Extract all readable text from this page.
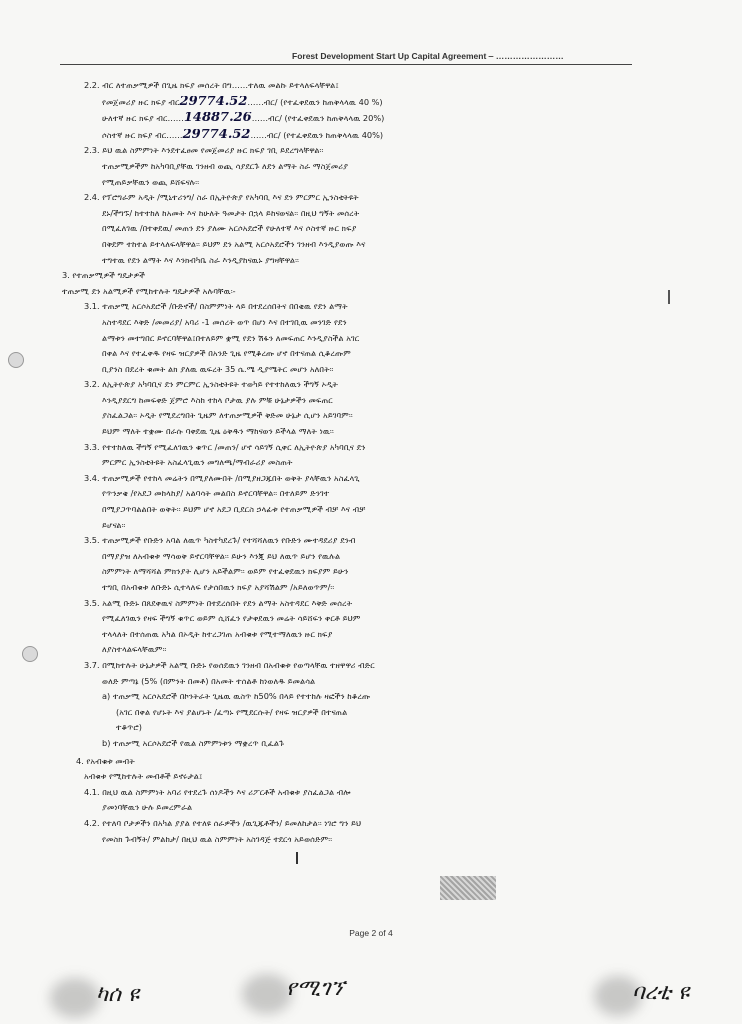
Forest Development Start Up Capital Agreement ‒ ……………………

2.2. ብር ለተጠቃሚዎች በጊዜ ክፍያ መሰረት በግ……ተለዉ መልኩ ይተላለፍላቸዋል፤

የመጀመሪያ ዙር ክፍያ ብር29774.52……ብር/ (የተፈቀደዉን ከጠቅላላዉ 40 %)

ሁለተኛ ዙር ክፍያ ብር……14887.26……ብር/ (የተፈቀደዉን ከጠቅላላዉ 20%)

ሶስተኛ ዙር ክፍያ ብር……29774.52……ብር/ (የተፈቀደዉን ከጠቅላላዉ 40%)

2.3. ይህ ዉል ስምምነት እንደተፈፀመ የመጀመሪያ ዙር ክፍያ ገቢ ይደረግላቸዋል፡፡

ተጠቃሚዎችም ከአካባቢያቸዉ ገንዘብ ወጪ ሳያደርጉ ለደን ልማት ስራ ማስጀመሪያ

የሚጠይቃቸዉን ወጪ ይሸፍናሉ፡፡

2.4. የፕሮግራም አዲት /ሚኒተሪንግ/ ስራ በኢትዮጵያ የአካባቢ እና ደን ምርምር ኢንስቲትዩት

ደኑ/ችግኙ/ ከተተከለ ከአመት እና ከሁለት ዓመታት በኋላ ይከናወናል፡፡ በዚህ ግኝት መሰረት

በሚፈለገዉ /በተቀደዉ/ መጠን ደን ያለሙ አርሶአደሮች የሁለተኛ እና ሶስተኛ ዙር ክፍያ

በቅደም ተከተል ይተላለፍላቸዋል፡፡ ይህም ደን አልሚ አርሶአደሮችን ገንዘብ እንዲያወጡ እና

ተግተዉ የደን ልማት እና እንክብካቤ ስራ እንዲያከናዉኑ ያግዛቸዋል፡፡

3. የተጠቃሚዎች ግዴታዎች

ተጠቃሚ ደን አልሚዎች የሚከተሉት ግዴታዎች አሉባቸዉ፡-

3.1. ተጠቃሚ አርሶአደሮች /ቡድኖች/ በስምምነት ላይ በተደረሰበትና በበቂዉ የደን ልማት

አስተዳደር እቅድ /መመሪያ/ አባሪ -1 መሰረት ወጥ በሆነ እና በተገቢዉ መንገድ የደን

ልማቱን መተግበር ይኖርባቸዋል፤በተለይም ቋሚ የደን ሽፋን ለመፍጠር እንዲያስችል አገር

በቀል እና የተፈቀዱ የዛፍ ዝርያዎች በአንድ ጊዜ የሚቆረጡ ሆኖ በተናጠል ሲቆረጡም

ቢያንስ በደረት ቁመት ልክ ያለዉ ዉፍረት 35 ሴ.ሜ ዲያሜትር መሆን አለበት፡፡

3.2. ለኢትዮጵያ አካባቢና ደን ምርምር ኢንስቲትዩት ተወካይ የተተከለዉን ችግኝ ኦዲት

እንዲያደርግ ከመፍቀድ ጀምሮ እስከ ተከላ ቦታዉ ያሉ ምቹ ሁኔታዎችን መፍጠር

ያስፈልጋል፡፡ ኦዲት የሚደረግበት ጊዜም ለተጠቃሚዎች ቅድመ ሁኔታ ሲሆን አይገባም፡፡

ይህም ማለት ተቋሙ በራሱ ባቀደዉ ጊዜ ዕቅዱን ማከናወን ይችላል ማለት ነዉ፡፡

3.3. የተተከለዉ ችግኝ የሚፈለገዉን ቁጥር /መጠን/ ሆኖ ሳይገኝ ሲቀር ለኢትዮጵያ አካባቢና ደን

ምርምር ኢንስቲትዩት አስፈላጊዉን መግለጫ/ማብራሪያ መስጠት

3.4. ተጠቃሚዎች የተከላ መሬትን በሚያለሙበት /በሚያዘጋጁበት ወቅት ያላቸዉን አስፈላጊ

የጥንቃቄ /የአደጋ መከላከያ/ አልባሳት መልበስ ይኖርባቸዋል፡፡ በተለይም ድንገተ

በሚያጋጥባልልበት ወቅት፡፡ ይህም ሆኖ አደጋ ቢደርስ ኃላፊቱ የተጠቃሚዎች ብቻ እና ብቻ

ይሆናል፡፡

3.5. ተጠቃሚዎች የቡድን አባል ለዉጥ ካስተካደረጉ/ የተሻሻለዉን የቡድን ሙተዳደሪያ ደንብ

በማያያዝ ለአብቁቱ ማሳወቅ ይኖርባቸዋል፡፡ ይሁን እንጂ ይህ ለዉጥ ይሆን የዉሉል

ስምምነት ለማሻሻል ምክንያት ሊሆን አይችልም፡፡ ወይም የተፈቀደዉን ክፍያም ይሁን

ተግቢ በአብቁቱ ለቡድኑ ሲተላለፍ የታሰበዉን ክፍያ አያሻሽልም /አይለወጥም/፡፡

3.5. አልሚ ቡድኑ በጸደቀዉና ስምምነት በተደረሰበት የደን ልማት አስተዳደር እቅድ መሰረት

የሚፈለገዉን የዛፍ ችግኝ ቁጥር ወይም ሲሸፈን የታቀደዉን መሬት ሳይሸፍን ቀርቶ ይህም

ተላላለት በተሰጠዉ አካል በኦዲት ከተረጋገጠ አብቁቱ የሚተማለዉን ዙር ክፍያ

ለያስተላልፍላቸዉም፡፡

3.7. በሚከተሉት ሁኔታዎች አልሚ ቡድኑ የወሰደዉን ገንዘብ በአብቁቱ የወጣላቸዉ ተዘዋዋሪ ብድር

ወለድ ምጣኔ (5% (በምንት በመቶ) በአመት ተሰልቶ ከነወለዱ ይመልሳል

a) ተጠቃሚ አርሶአደሮች በኮንትራት ጊዜዉ ዉስጥ ከ50% በላይ የተተከሉ ዛፎችን ከቆረጡ

(አገር በቀል የሆኑት እና ያልሆኑት /ፈጣኑ የሚደርሱት/ የዛፍ ዝርያዎች በተናጠል

ተቆጥሮ)

b) ተጠቃሚ አርሶአደሮች የዉል ስምምነቱን ማቋረጥ ቢፈልጉ

4. የአብቁቱ መብት

አብቁቱ የሚከተሉት መብቶች ይኖሩታል፤

4.1. በዚህ ዉል ስምምነት አባሪ የተደረጉ ሰነዶችን እና ሪፖርቶች አብቁቱ ያስፈልጋል ብሎ

ያመነባቸዉን ሁሉ ይመረምራል

4.2. የተለባ ቦታዎችን በአካል ያያል የተለዩ ሰራዎችን /ዉጊጁቶችን/ ይመለከታል፡፡ ነገሮ ግን ይህ

የመስክ ጉብኝት/ ምልከታ/ በዚህ ዉል ስምምነት አስገዳጅ ተደርጎ አይወሰድም፡፡

Page 2 of 4
ካሰ ዩ	የሚገኘ	ባረቲ ዩ
